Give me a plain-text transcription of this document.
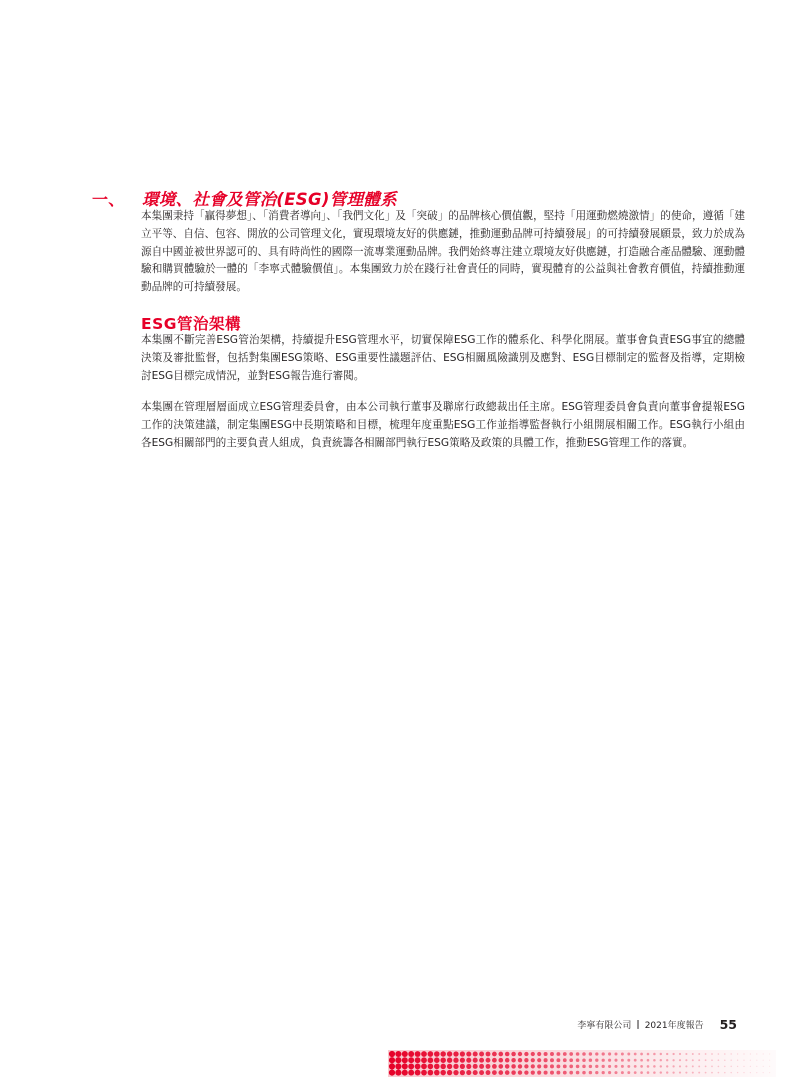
一、	環境、社會及管治(ESG)管理體系

本集團秉持「贏得夢想」、「消費者導向」、「我們文化」及「突破」的品牌核心價值觀，堅持「用運動燃燒激情」的使命，遵循「建立平等、自信、包容、開放的公司管理文化，實現環境友好的供應鏈，推動運動品牌可持續發展」的可持續發展願景，致力於成為源自中國並被世界認可的、具有時尚性的國際一流專業運動品牌。我們始終專注建立環境友好供應鏈，打造融合產品體驗、運動體驗和購買體驗於一體的「李寧式體驗價值」。本集團致力於在踐行社會責任的同時，實現體育的公益與社會教育價值，持續推動運動品牌的可持續發展。

ESG管治架構

本集團不斷完善ESG管治架構，持續提升ESG管理水平，切實保障ESG工作的體系化、科學化開展。董事會負責ESG事宜的總體決策及審批監督，包括對集團ESG策略、ESG重要性議題評估、ESG相關風險識別及應對、ESG目標制定的監督及指導，定期檢討ESG目標完成情況，並對ESG報告進行審閱。

本集團在管理層層面成立ESG管理委員會，由本公司執行董事及聯席行政總裁出任主席。ESG管理委員會負責向董事會提報ESG工作的決策建議，制定集團ESG中長期策略和目標，梳理年度重點ESG工作並指導監督執行小組開展相關工作。ESG執行小組由各ESG相關部門的主要負責人組成，負責統籌各相關部門執行ESG策略及政策的具體工作，推動ESG管理工作的落實。

李寧有限公司 | 2021年度報告 55
